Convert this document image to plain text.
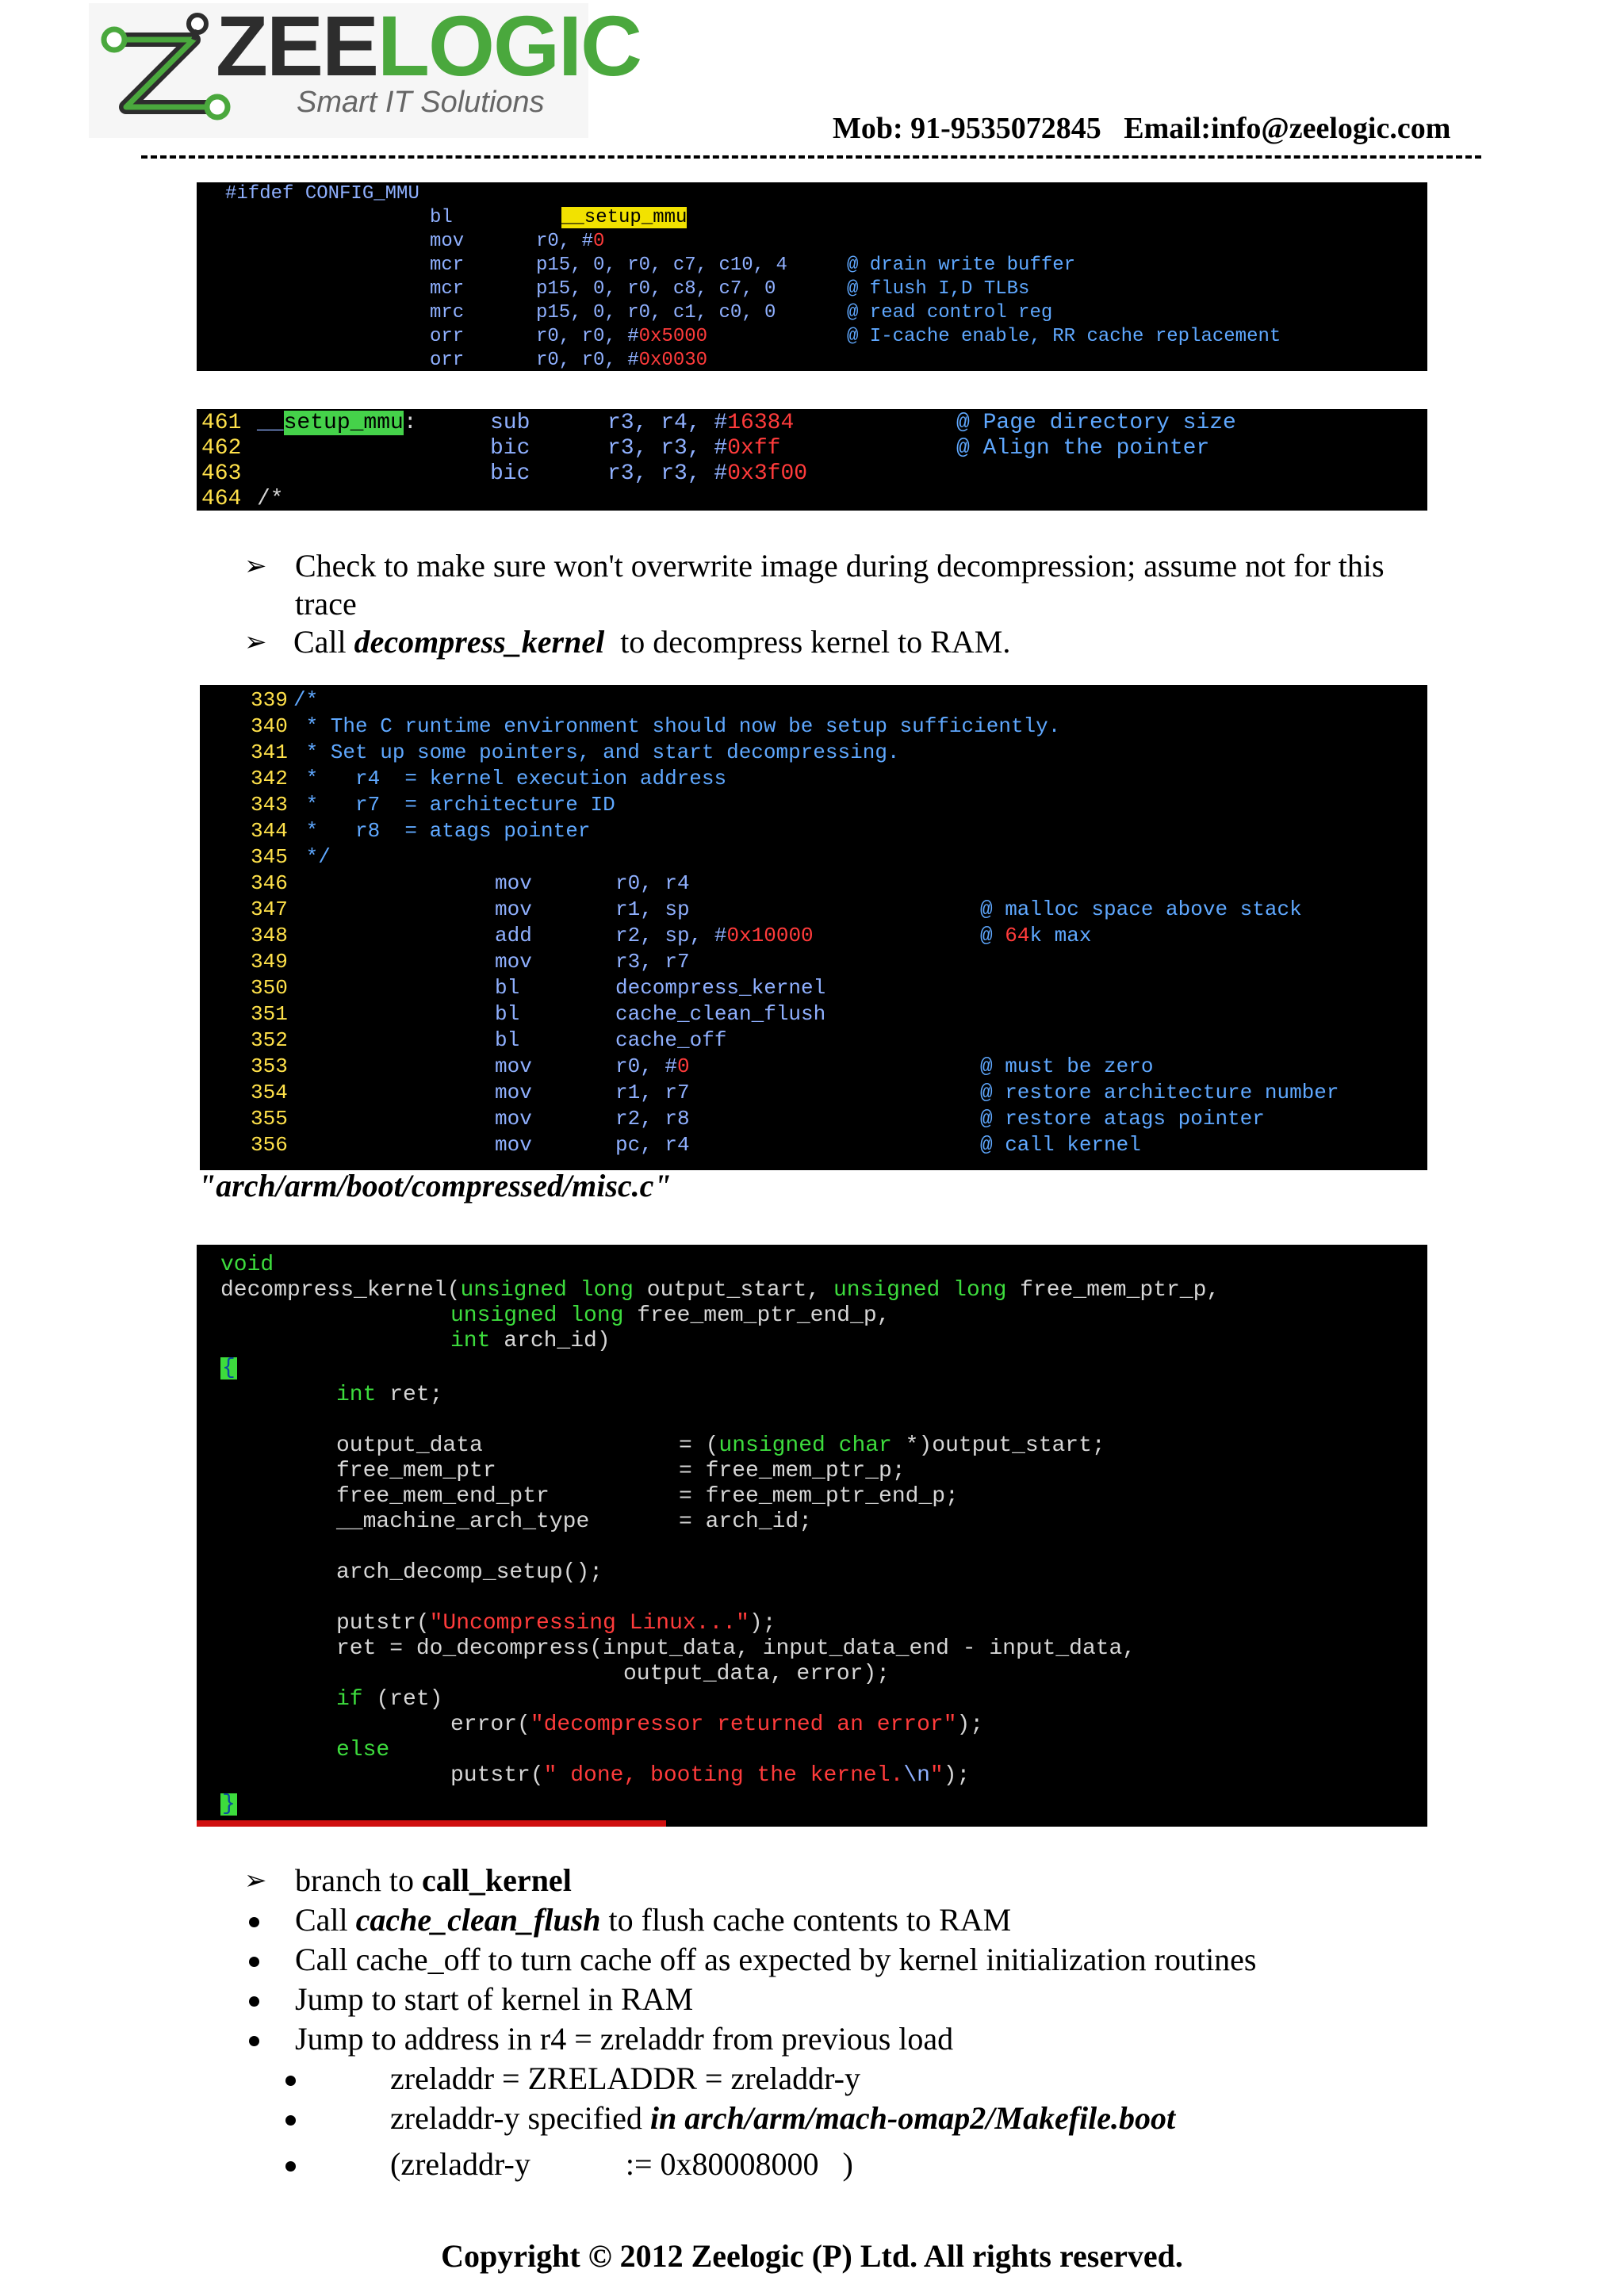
ZEELOGIC
Smart IT Solutions
Mob: 91-9535072845   Email:info@zeelogic.com
#ifdef CONFIG_MMU
bl	__setup_mmu
mov	r0, #0
mcr	p15, 0, r0, c7, c10, 4	@ drain write buffer
mcr	p15, 0, r0, c8, c7, 0	@ flush I,D TLBs
mrc	p15, 0, r0, c1, c0, 0	@ read control reg
orr	r0, r0, #0x5000	@ I-cache enable, RR cache replacement
orr	r0, r0, #0x0030
461 __setup_mmu:	sub	r3, r4, #16384	@ Page directory size
462	bic	r3, r3, #0xff	@ Align the pointer
463	bic	r3, r3, #0x3f00
464 /*
➢ Check to make sure won't overwrite image during decompression; assume not for this
trace
➢ Call decompress_kernel  to decompress kernel to RAM.
339 /*
340 * The C runtime environment should now be setup sufficiently.
341 * Set up some pointers, and start decompressing.
342 *   r4  = kernel execution address
343 *   r7  = architecture ID
344 *   r8  = atags pointer
345 */
346	mov	r0, r4
347	mov	r1, sp	@ malloc space above stack
348	add	r2, sp, #0x10000	@ 64k max
349	mov	r3, r7
350	bl	decompress_kernel
351	bl	cache_clean_flush
352	bl	cache_off
353	mov	r0, #0	@ must be zero
354	mov	r1, r7	@ restore architecture number
355	mov	r2, r8	@ restore atags pointer
356	mov	pc, r4	@ call kernel
"arch/arm/boot/compressed/misc.c"
void
decompress_kernel(unsigned long output_start, unsigned long free_mem_ptr_p,
unsigned long free_mem_ptr_end_p,
int arch_id)
{
int ret;
output_data	= (unsigned char *)output_start;
free_mem_ptr	= free_mem_ptr_p;
free_mem_end_ptr	= free_mem_ptr_end_p;
__machine_arch_type	= arch_id;
arch_decomp_setup();
putstr("Uncompressing Linux...");
ret = do_decompress(input_data, input_data_end - input_data,
output_data, error);
if (ret)
error("decompressor returned an error");
else
putstr(" done, booting the kernel.\n");
}
➢ branch to call_kernel
Call cache_clean_flush to flush cache contents to RAM
Call cache_off to turn cache off as expected by kernel initialization routines
Jump to start of kernel in RAM
Jump to address in r4 = zreladdr from previous load
zreladdr = ZRELADDR = zreladdr-y
zreladdr-y specified in arch/arm/mach-omap2/Makefile.boot
(zreladdr-y            := 0x80008000   )
Copyright © 2012 Zeelogic (P) Ltd. All rights reserved.
